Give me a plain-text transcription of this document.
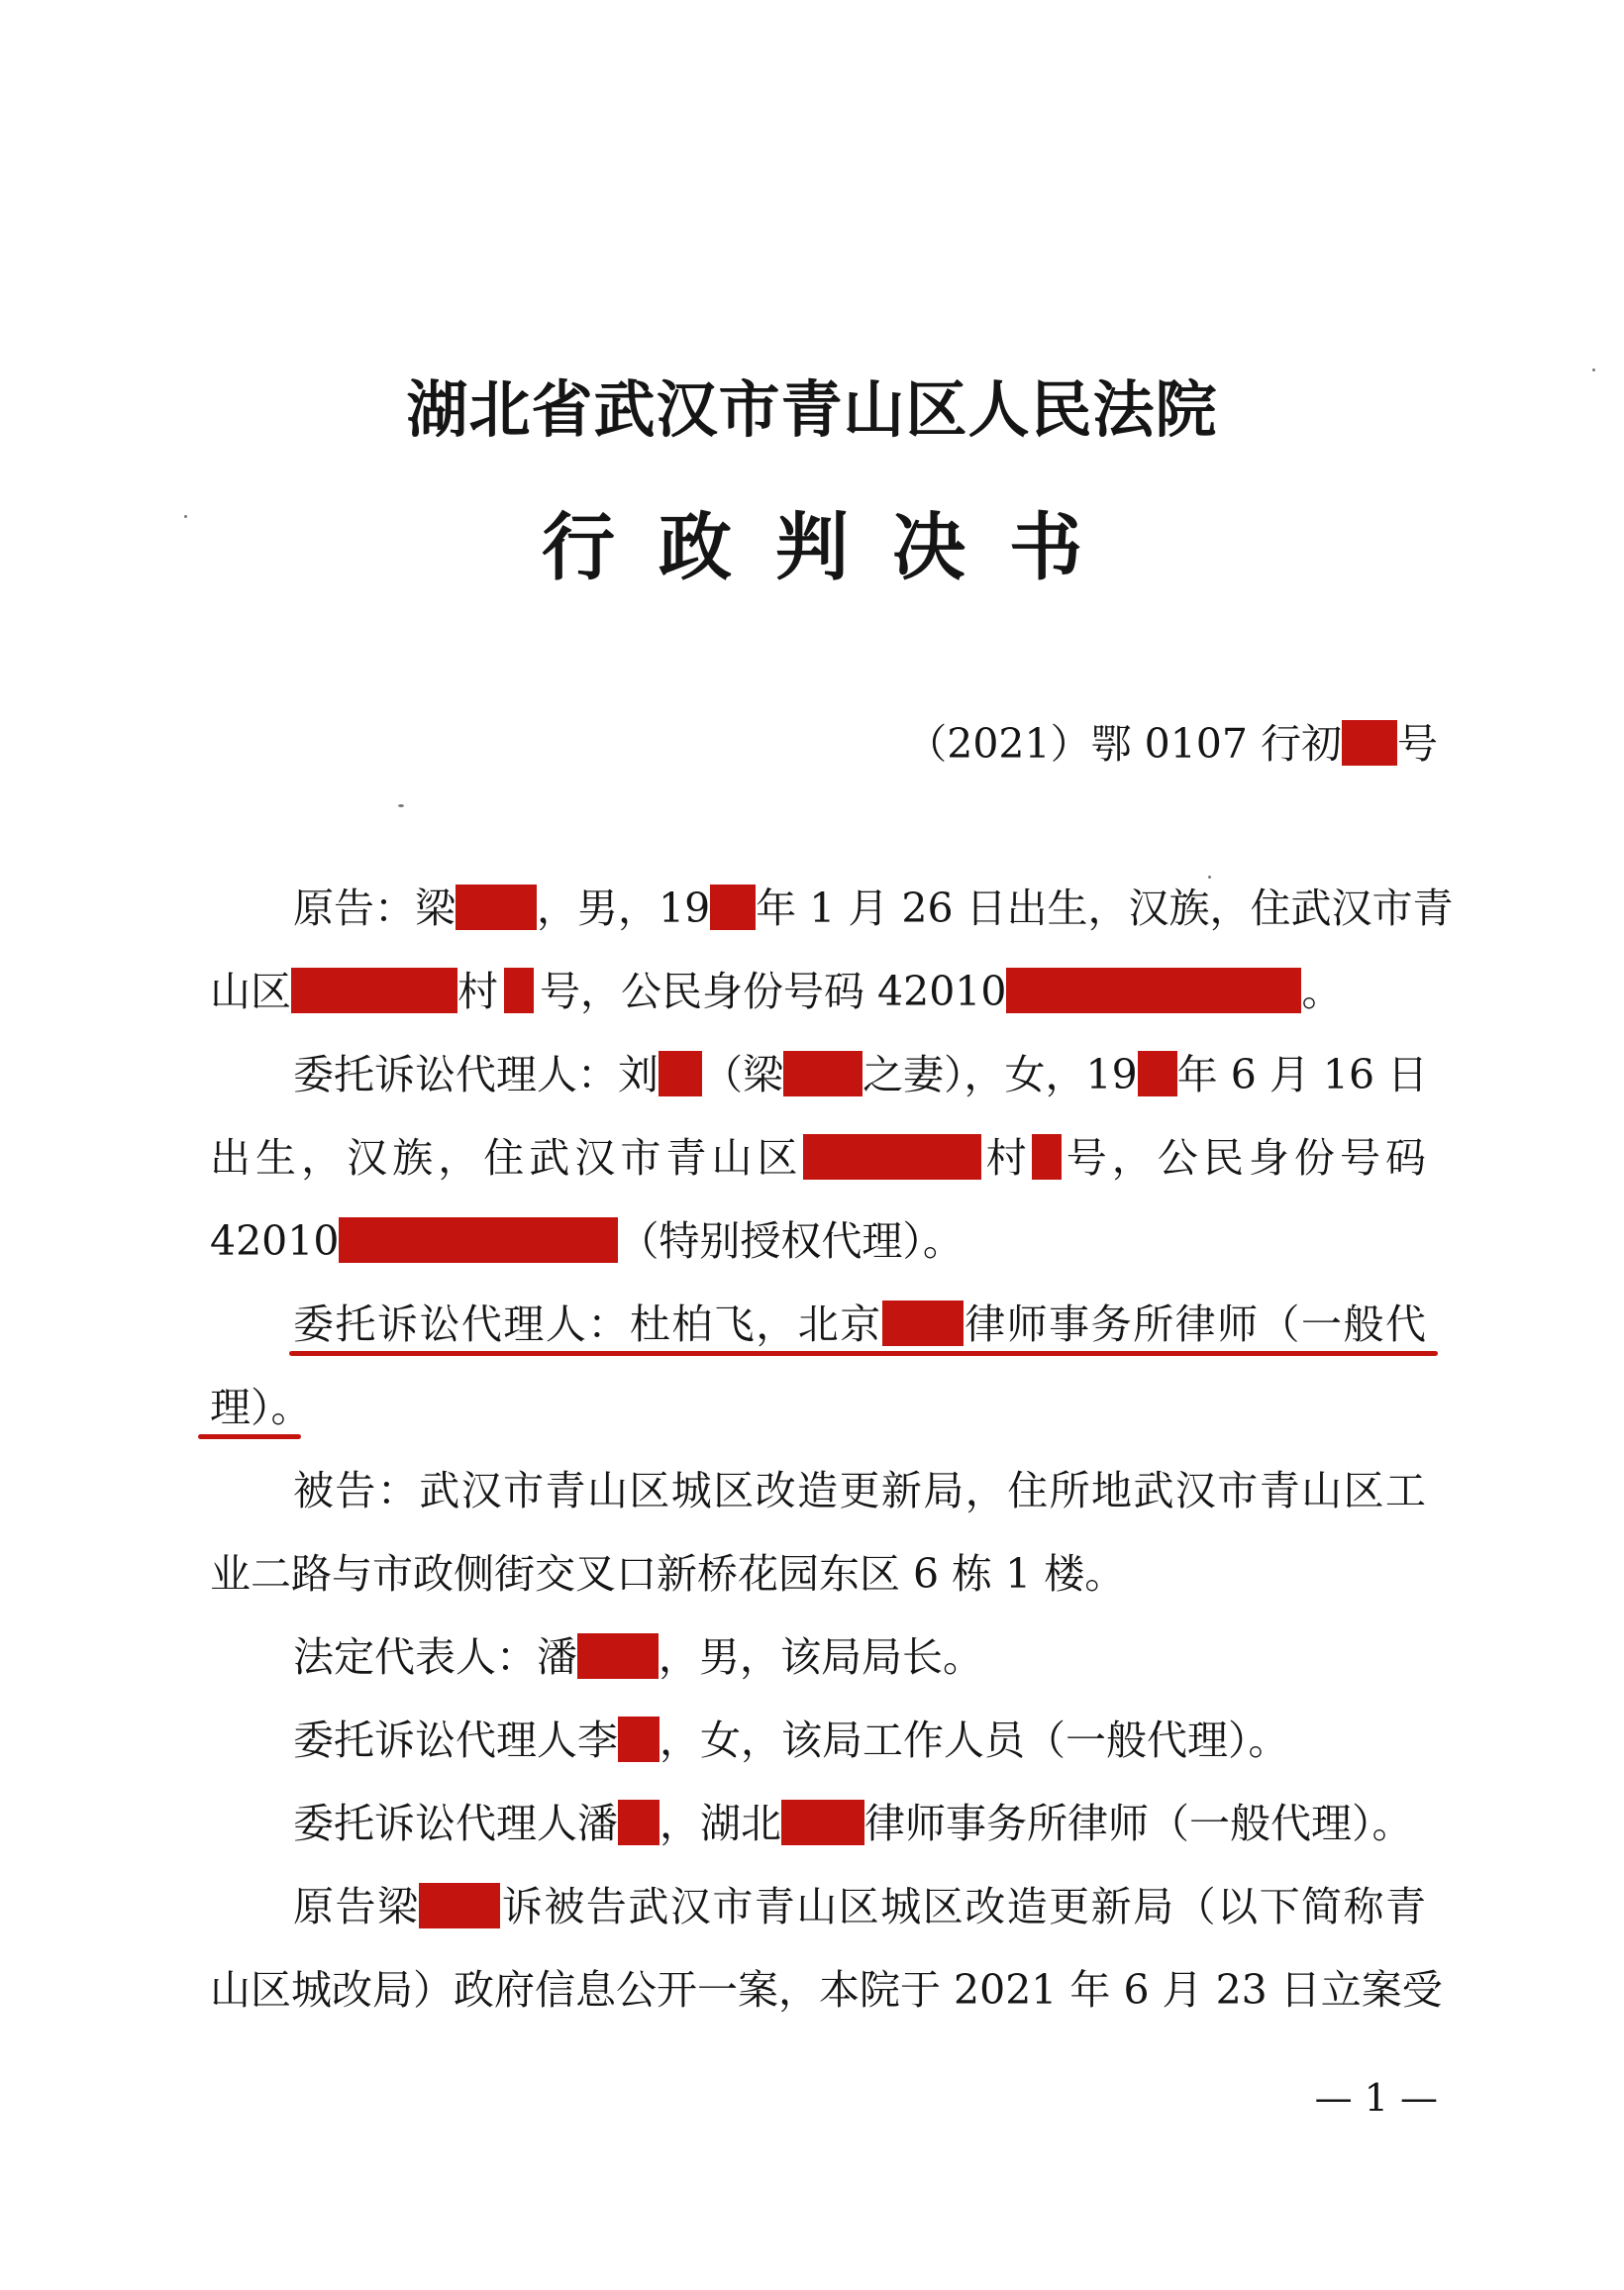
湖北省武汉市青山区人民法院
行政判决书
（2021）鄂 0107 行初 号
原告：梁 ，男，19 年 1 月 26 日出生，汉族，住武汉市青
山区	村 号，公民身份号码 42010	。
委托诉讼代理人：刘 （梁 之妻），女，19 年 6 月 16 日
出生，汉族，住武汉市青山区	村 号，公民身份号码
42010	（特别授权代理）。
委托诉讼代理人：杜柏飞，北京 律师事务所律师（一般代
理）。
被告：武汉市青山区城区改造更新局，住所地武汉市青山区工
业二路与市政侧街交叉口新桥花园东区 6 栋 1 楼。
法定代表人：潘 ，男，该局局长。
委托诉讼代理人李 ，女，该局工作人员（一般代理）。
委托诉讼代理人潘 ，湖北 律师事务所律师（一般代理）。
原告梁 诉被告武汉市青山区城区改造更新局（以下简称青
山区城改局）政府信息公开一案，本院于 2021 年 6 月 23 日立案受
— 1 —
